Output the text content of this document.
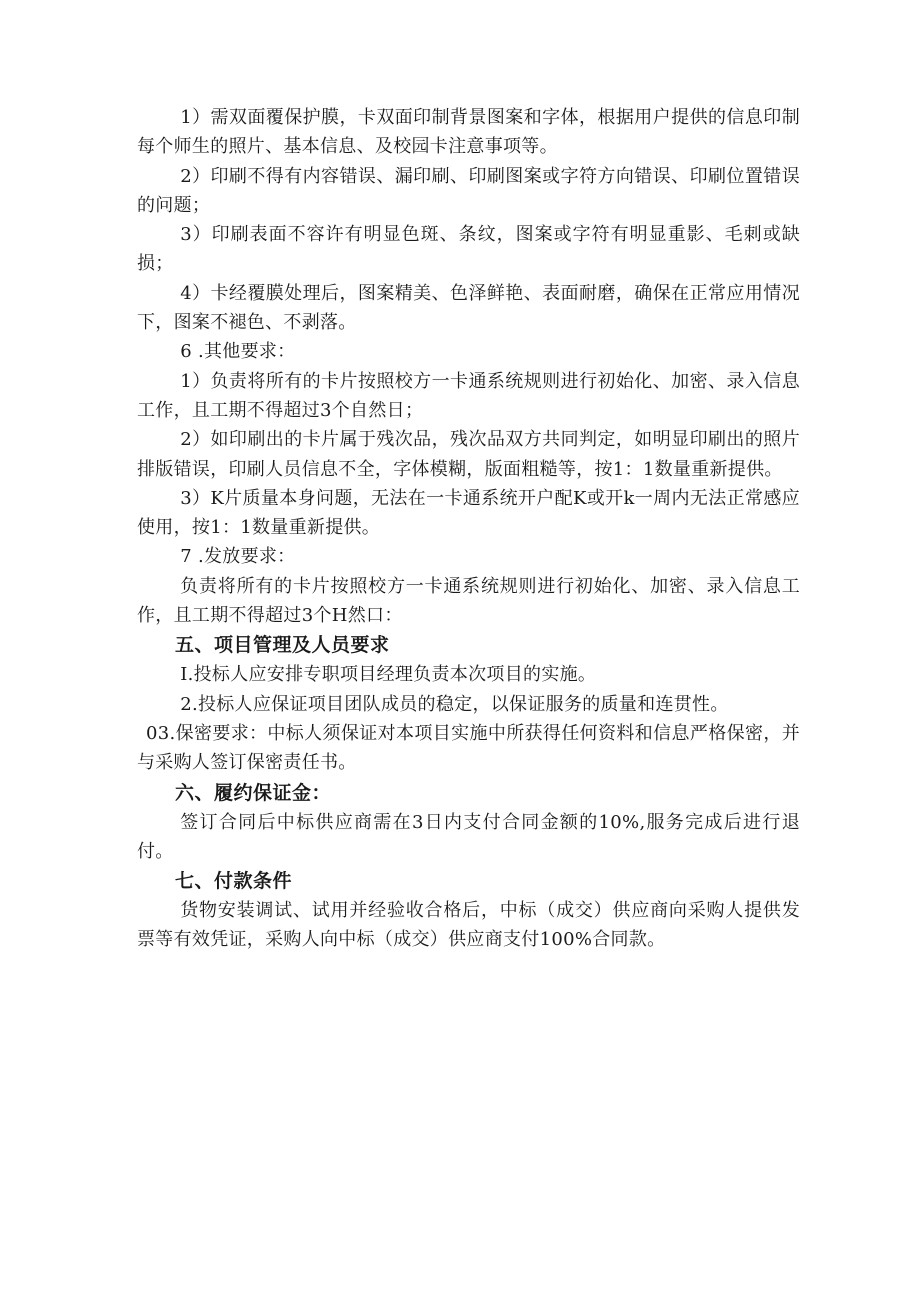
1）需双面覆保护膜，卡双面印制背景图案和字体，根据用户提供的信息印制每个师生的照片、基本信息、及校园卡注意事项等。

2）印刷不得有内容错误、漏印刷、印刷图案或字符方向错误、印刷位置错误的问题；

3）印刷表面不容许有明显色斑、条纹，图案或字符有明显重影、毛刺或缺损；

4）卡经覆膜处理后，图案精美、色泽鲜艳、表面耐磨，确保在正常应用情况下，图案不褪色、不剥落。

6 .其他要求：

1）负责将所有的卡片按照校方一卡通系统规则进行初始化、加密、录入信息工作，且工期不得超过3个自然日；

2）如印刷出的卡片属于残次品，残次品双方共同判定，如明显印刷出的照片排版错误，印刷人员信息不全，字体模糊，版面粗糙等，按1：1数量重新提供。

3）K片质量本身问题，无法在一卡通系统开户配K或开k一周内无法正常感应使用，按1：1数量重新提供。

7 .发放要求：

负责将所有的卡片按照校方一卡通系统规则进行初始化、加密、录入信息工作，且工期不得超过3个H然口：

五、项目管理及人员要求

I.投标人应安排专职项目经理负责本次项目的实施。

2.投标人应保证项目团队成员的稳定，以保证服务的质量和连贯性。

03.保密要求：中标人须保证对本项目实施中所获得任何资料和信息严格保密，并与采购人签订保密责任书。

六、履约保证金：

签订合同后中标供应商需在3日内支付合同金额的10%,服务完成后进行退付。

七、付款条件

货物安装调试、试用并经验收合格后，中标（成交）供应商向采购人提供发票等有效凭证，采购人向中标（成交）供应商支付100%合同款。
